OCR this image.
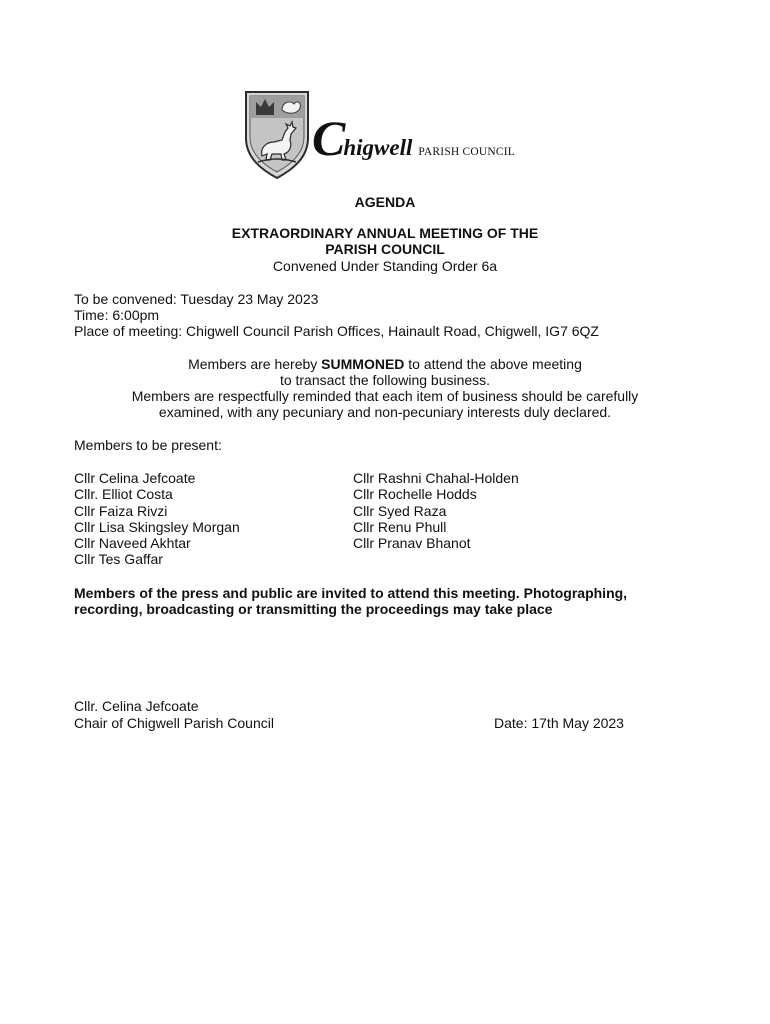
Chigwell PARISH COUNCIL
AGENDA
EXTRAORDINARY ANNUAL MEETING OF THE
PARISH COUNCIL
Convened Under Standing Order 6a
To be convened: Tuesday 23 May 2023
Time: 6:00pm
Place of meeting: Chigwell Council Parish Offices, Hainault Road, Chigwell, IG7 6QZ
Members are hereby SUMMONED to attend the above meeting
to transact the following business.
Members are respectfully reminded that each item of business should be carefully
examined, with any pecuniary and non-pecuniary interests duly declared.
Members to be present:
Cllr Celina Jefcoate
Cllr. Elliot Costa
Cllr Faiza Rivzi
Cllr Lisa Skingsley Morgan
Cllr Naveed Akhtar
Cllr Tes Gaffar
Cllr Rashni Chahal-Holden
Cllr Rochelle Hodds
Cllr Syed Raza
Cllr Renu Phull
Cllr Pranav Bhanot
Members of the press and public are invited to attend this meeting. Photographing,
recording, broadcasting or transmitting the proceedings may take place
Cllr. Celina Jefcoate
Chair of Chigwell Parish Council	Date: 17th May 2023
